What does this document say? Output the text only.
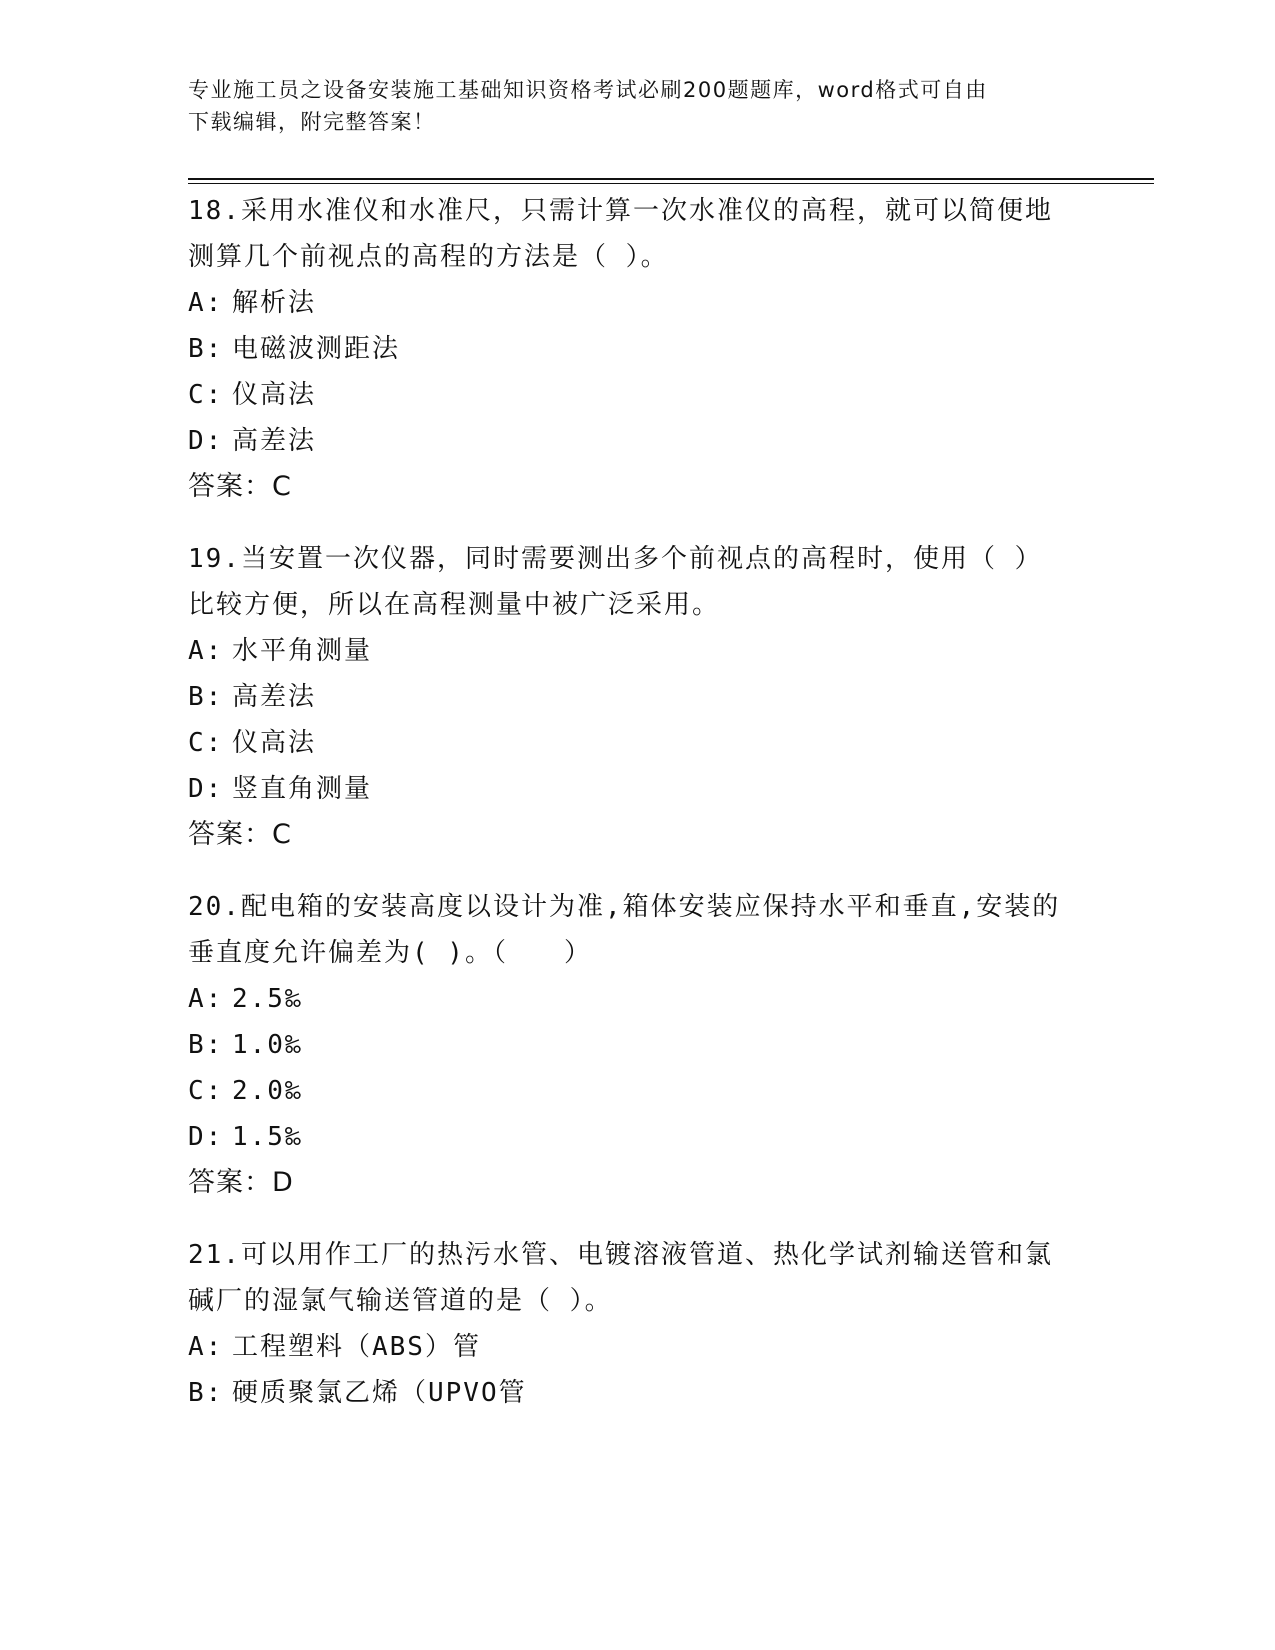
专业施工员之设备安装施工基础知识资格考试必刷200题题库，word格式可自由
下载编辑，附完整答案！
18.采用水准仪和水准尺，只需计算一次水准仪的高程，就可以简便地
测算几个前视点的高程的方法是（ ）。
A: 解析法
B: 电磁波测距法
C: 仪高法
D: 高差法
答案：C
19.当安置一次仪器，同时需要测出多个前视点的高程时，使用（ ）
比较方便，所以在高程测量中被广泛采用。
A: 水平角测量
B: 高差法
C: 仪高法
D: 竖直角测量
答案：C
20.配电箱的安装高度以设计为准,箱体安装应保持水平和垂直,安装的
垂直度允许偏差为( )。（　　）
A: 2.5‰
B: 1.0‰
C: 2.0‰
D: 1.5‰
答案：D
21.可以用作工厂的热污水管、电镀溶液管道、热化学试剂输送管和氯
碱厂的湿氯气输送管道的是（ ）。
A: 工程塑料（ABS）管
B: 硬质聚氯乙烯（UPVO管
